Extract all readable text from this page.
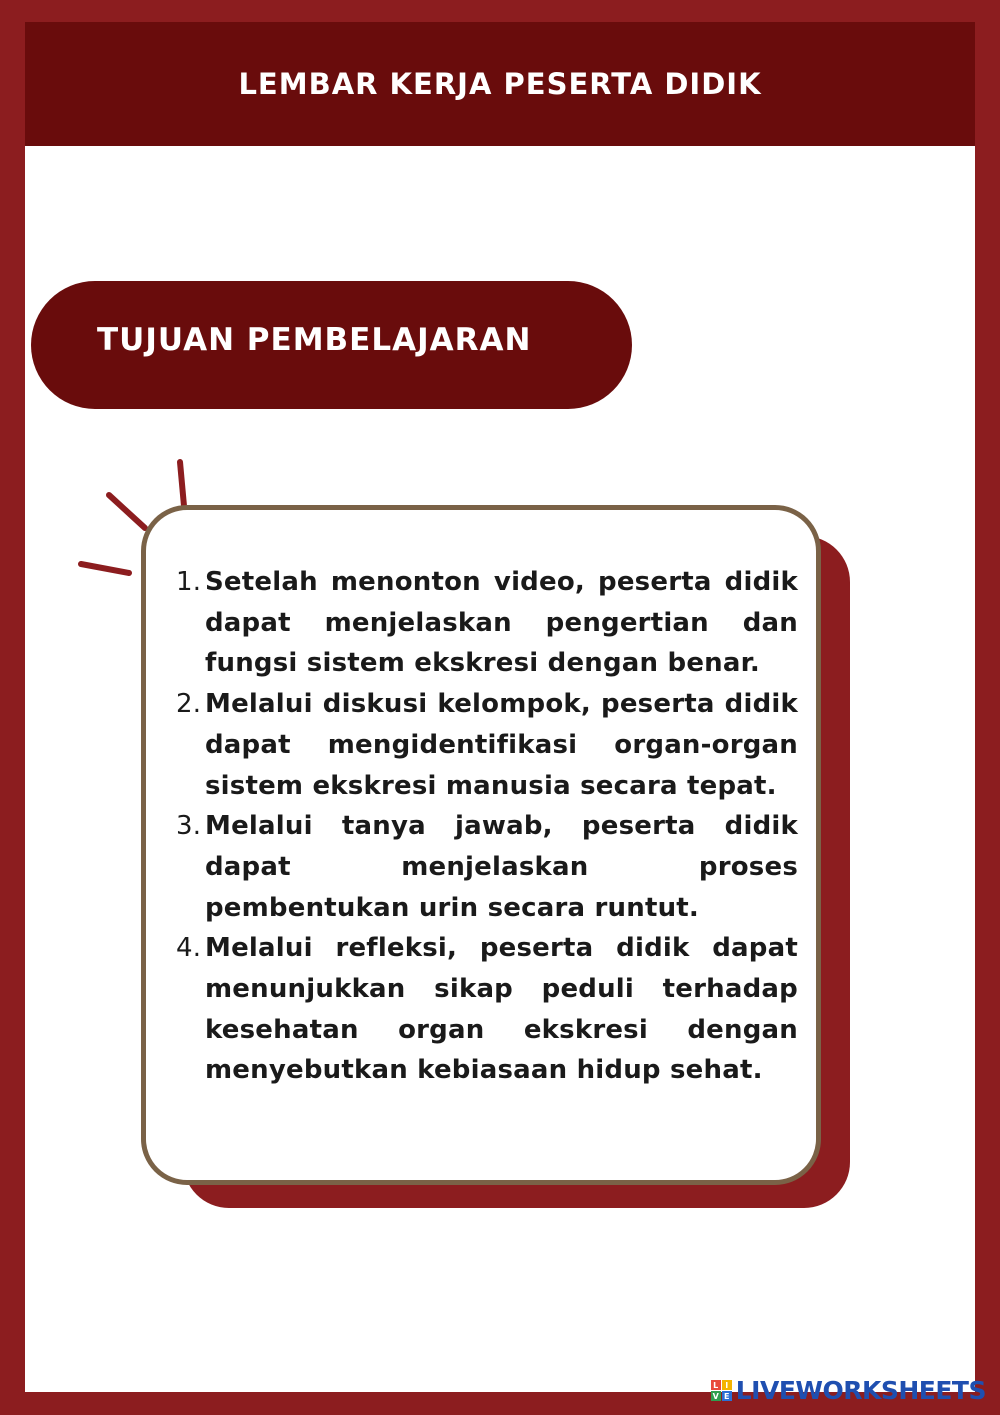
LEMBAR KERJA PESERTA DIDIK
TUJUAN PEMBELAJARAN
1. Setelah menonton video, peserta didik dapat menjelaskan pengertian dan fungsi sistem ekskresi dengan benar.
2. Melalui diskusi kelompok, peserta didik dapat mengidentifikasi organ-organ sistem ekskresi manusia secara tepat.
3. Melalui tanya jawab, peserta didik dapat menjelaskan proses pembentukan urin secara runtut.
4. Melalui refleksi, peserta didik dapat menunjukkan sikap peduli terhadap kesehatan organ ekskresi dengan menyebutkan kebiasaan hidup sehat.
L I
V E LIVEWORKSHEETS
